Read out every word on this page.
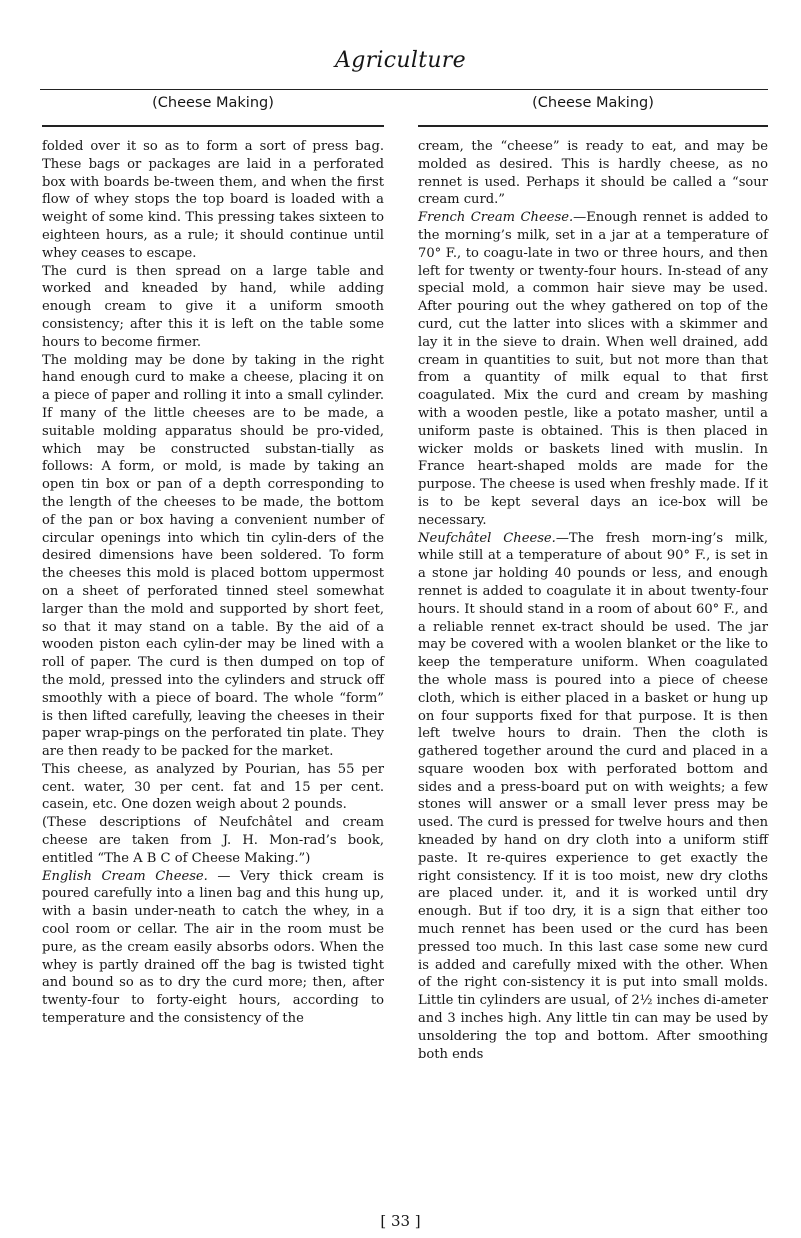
Agriculture
(Cheese Making)	(Cheese Making)

folded over it so as to form a sort of press bag. These bags or packages are laid in a perforated box with boards be-tween them, and when the first flow of whey stops the top board is loaded with a weight of some kind. This pressing takes sixteen to eighteen hours, as a rule; it should continue until whey ceases to escape.

The curd is then spread on a large table and worked and kneaded by hand, while adding enough cream to give it a uniform smooth consistency; after this it is left on the table some hours to become firmer.

The molding may be done by taking in the right hand enough curd to make a cheese, placing it on a piece of paper and rolling it into a small cylinder. If many of the little cheeses are to be made, a suitable molding apparatus should be pro-vided, which may be constructed substan-tially as follows: A form, or mold, is made by taking an open tin box or pan of a depth corresponding to the length of the cheeses to be made, the bottom of the pan or box having a convenient number of circular openings into which tin cylin-ders of the desired dimensions have been soldered. To form the cheeses this mold is placed bottom uppermost on a sheet of perforated tinned steel somewhat larger than the mold and supported by short feet, so that it may stand on a table. By the aid of a wooden piston each cylin-der may be lined with a roll of paper. The curd is then dumped on top of the mold, pressed into the cylinders and struck off smoothly with a piece of board. The whole “form” is then lifted carefully, leaving the cheeses in their paper wrap-pings on the perforated tin plate. They are then ready to be packed for the market.

This cheese, as analyzed by Pourian, has 55 per cent. water, 30 per cent. fat and 15 per cent. casein, etc. One dozen weigh about 2 pounds.

(These descriptions of Neufchâtel and cream cheese are taken from J. H. Mon-rad’s book, entitled “The A B C of Cheese Making.”)

English Cream Cheese. — Very thick cream is poured carefully into a linen bag and this hung up, with a basin under-neath to catch the whey, in a cool room or cellar. The air in the room must be pure, as the cream easily absorbs odors. When the whey is partly drained off the bag is twisted tight and bound so as to dry the curd more; then, after twenty-four to forty-eight hours, according to temperature and the consistency of the

cream, the “cheese” is ready to eat, and may be molded as desired. This is hardly cheese, as no rennet is used. Perhaps it should be called a “sour cream curd.”

French Cream Cheese.—Enough rennet is added to the morning’s milk, set in a jar at a temperature of 70° F., to coagu-late in two or three hours, and then left for twenty or twenty-four hours. In-stead of any special mold, a common hair sieve may be used. After pouring out the whey gathered on top of the curd, cut the latter into slices with a skimmer and lay it in the sieve to drain. When well drained, add cream in quantities to suit, but not more than that from a quantity of milk equal to that first coagulated. Mix the curd and cream by mashing with a wooden pestle, like a potato masher, until a uniform paste is obtained. This is then placed in wicker molds or baskets lined with muslin. In France heart-shaped molds are made for the purpose. The cheese is used when freshly made. If it is to be kept several days an ice-box will be necessary.

Neufchâtel Cheese.—The fresh morn-ing’s milk, while still at a temperature of about 90° F., is set in a stone jar holding 40 pounds or less, and enough rennet is added to coagulate it in about twenty-four hours. It should stand in a room of about 60° F., and a reliable rennet ex-tract should be used. The jar may be covered with a woolen blanket or the like to keep the temperature uniform. When coagulated the whole mass is poured into a piece of cheese cloth, which is either placed in a basket or hung up on four supports fixed for that purpose. It is then left twelve hours to drain. Then the cloth is gathered together around the curd and placed in a square wooden box with perforated bottom and sides and a press-board put on with weights; a few stones will answer or a small lever press may be used. The curd is pressed for twelve hours and then kneaded by hand on dry cloth into a uniform stiff paste. It re-quires experience to get exactly the right consistency. If it is too moist, new dry cloths are placed under. it, and it is worked until dry enough. But if too dry, it is a sign that either too much rennet has been used or the curd has been pressed too much. In this last case some new curd is added and carefully mixed with the other. When of the right con-sistency it is put into small molds. Little tin cylinders are usual, of 2½ inches di-ameter and 3 inches high. Any little tin can may be used by unsoldering the top and bottom. After smoothing both ends

[ 33 ]
